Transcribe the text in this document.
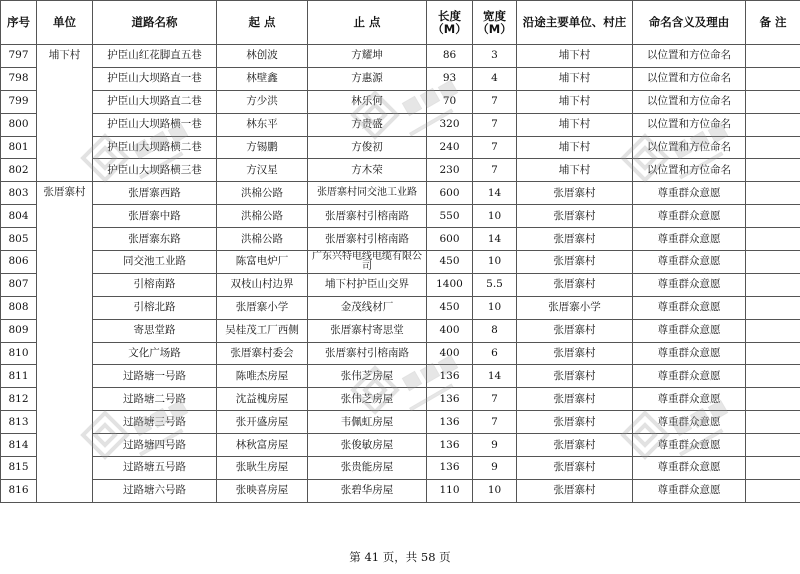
序号	单位	道路名称	起 点	止 点	长度（M）	宽度（M）	沿途主要单位、村庄	命名含义及理由	备 注
797	埔下村	护臣山红花脚直五巷	林创波	方耀坤	86	3	埔下村	以位置和方位命名	
798		护臣山大坝路直一巷	林壁鑫	方惠源	93	4	埔下村	以位置和方位命名	
799		护臣山大坝路直二巷	方少洪	林乐何	70	7	埔下村	以位置和方位命名	
800		护臣山大坝路横一巷	林东平	方贵盛	320	7	埔下村	以位置和方位命名	
801		护臣山大坝路横二巷	方锡鹏	方俊初	240	7	埔下村	以位置和方位命名	
802		护臣山大坝路横三巷	方汉星	方木荣	230	7	埔下村	以位置和方位命名	
803	张厝寨村	张厝寨西路	洪棉公路	张厝寨村同交池工业路	600	14	张厝寨村	尊重群众意愿	
804		张厝寨中路	洪棉公路	张厝寨村引榕南路	550	10	张厝寨村	尊重群众意愿	
805		张厝寨东路	洪棉公路	张厝寨村引榕南路	600	14	张厝寨村	尊重群众意愿	
806		同交池工业路	陈富电炉厂	广东兴特电线电缆有限公司	450	10	张厝寨村	尊重群众意愿	
807		引榕南路	双枝山村边界	埔下村护臣山交界	1400	5.5	张厝寨村	尊重群众意愿	
808		引榕北路	张厝寨小学	金茂线材厂	450	10	张厝寨小学	尊重群众意愿	
809		寄思堂路	吴桂茂工厂西侧	张厝寨村寄思堂	400	8	张厝寨村	尊重群众意愿	
810		文化广场路	张厝寨村委会	张厝寨村引榕南路	400	6	张厝寨村	尊重群众意愿	
811		过路塘一号路	陈唯杰房屋	张伟芝房屋	136	14	张厝寨村	尊重群众意愿	
812		过路塘二号路	沈益槐房屋	张伟芝房屋	136	7	张厝寨村	尊重群众意愿	
813		过路塘三号路	张开盛房屋	韦佩虹房屋	136	7	张厝寨村	尊重群众意愿	
814		过路塘四号路	林秋富房屋	张俊敏房屋	136	9	张厝寨村	尊重群众意愿	
815		过路塘五号路	张耿生房屋	张贵能房屋	136	9	张厝寨村	尊重群众意愿	
816		过路塘六号路	张映喜房屋	张碧华房屋	110	10	张厝寨村	尊重群众意愿	
第 41 页，共 58 页
